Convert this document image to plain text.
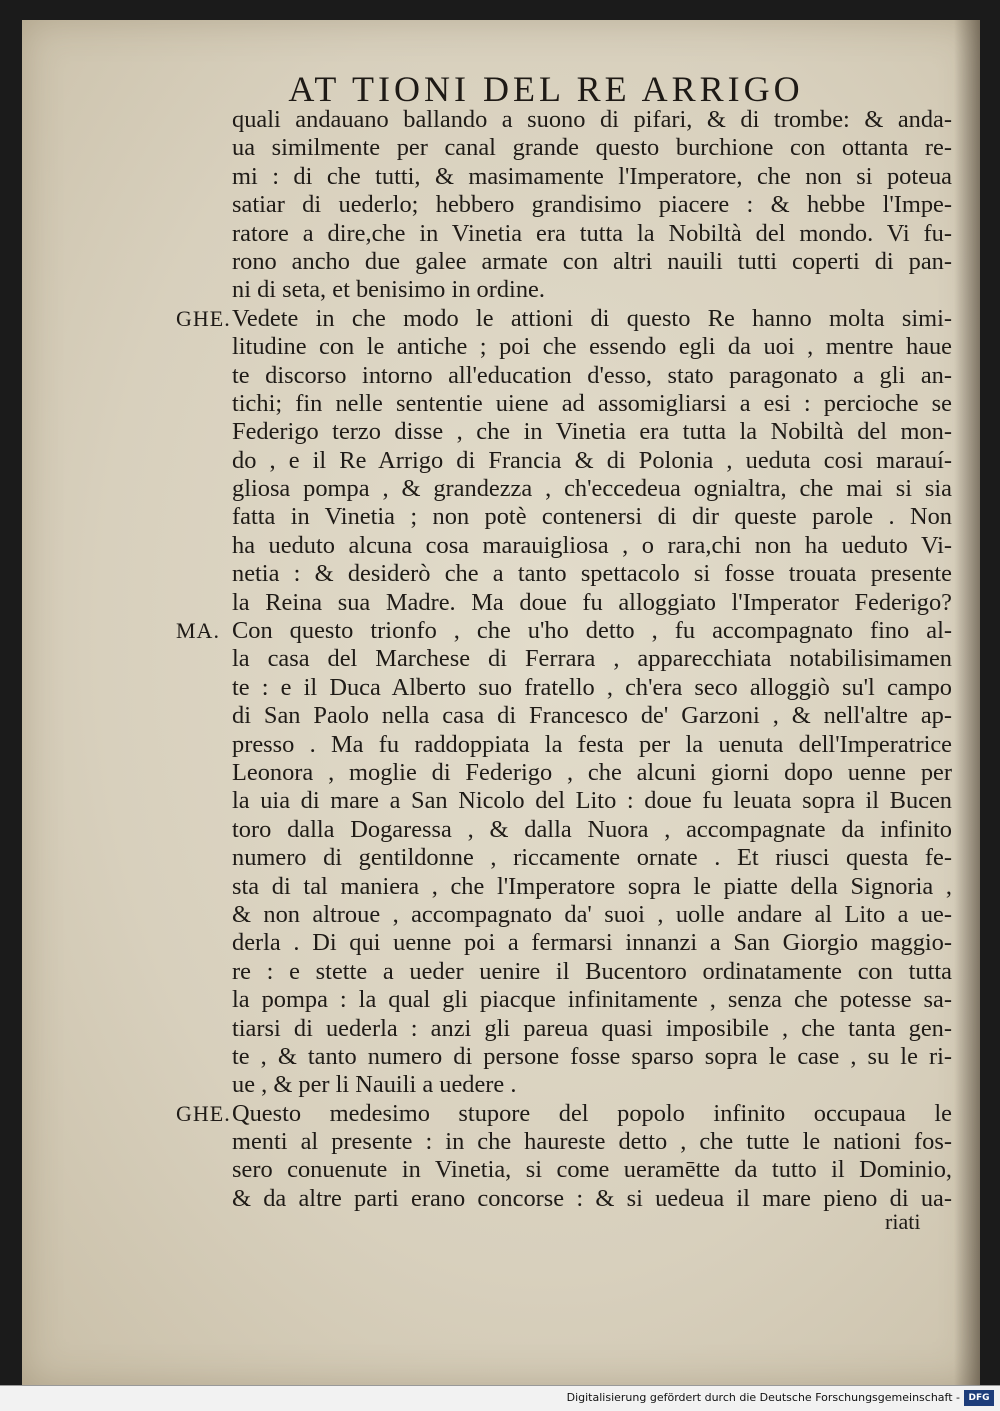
AT TIONI DEL RE ARRIGO
quali andauano ballando a suono di pifari, & di trombe: & anda-
ua similmente per canal grande questo burchione con ottanta re-
mi : di che tutti, & masimamente l'Imperatore, che non si poteua
satiar di uederlo; hebbero grandisimo piacere : & hebbe l'Impe-
ratore a dire,che in Vinetia era tutta la Nobiltà del mondo. Vi fu-
rono ancho due galee armate con altri nauili tutti coperti di pan-
ni di seta, et benisimo in ordine.
GHE. Vedete in che modo le attioni di questo Re hanno molta simi-
litudine con le antiche ; poi che essendo egli da uoi , mentre haue
te discorso intorno all'education d'esso, stato paragonato a gli an-
tichi; fin nelle sententie uiene ad assomigliarsi a esi : percioche se
Federigo terzo disse , che in Vinetia era tutta la Nobiltà del mon-
do , e il Re Arrigo di Francia & di Polonia , ueduta cosi marauí-
gliosa pompa , & grandezza , ch'eccedeua ognialtra, che mai si sia
fatta in Vinetia ; non potè contenersi di dir queste parole . Non
ha ueduto alcuna cosa marauigliosa , o rara,chi non ha ueduto Vi-
netia : & desiderò che a tanto spettacolo si fosse trouata presente
la Reina sua Madre. Ma doue fu alloggiato l'Imperator Federigo?
MA. Con questo trionfo , che u'ho detto , fu accompagnato fino al-
la casa del Marchese di Ferrara , apparecchiata notabilisimamen
te : e il Duca Alberto suo fratello , ch'era seco alloggiò su'l campo
di San Paolo nella casa di Francesco de' Garzoni , & nell'altre ap-
presso . Ma fu raddoppiata la festa per la uenuta dell'Imperatrice
Leonora , moglie di Federigo , che alcuni giorni dopo uenne per
la uia di mare a San Nicolo del Lito : doue fu leuata sopra il Bucen
toro dalla Dogaressa , & dalla Nuora , accompagnate da infinito
numero di gentildonne , riccamente ornate . Et riusci questa fe-
sta di tal maniera , che l'Imperatore sopra le piatte della Signoria ,
& non altroue , accompagnato da' suoi , uolle andare al Lito a ue-
derla . Di qui uenne poi a fermarsi innanzi a San Giorgio maggio-
re : e stette a ueder uenire il Bucentoro ordinatamente con tutta
la pompa : la qual gli piacque infinitamente , senza che potesse sa-
tiarsi di uederla : anzi gli pareua quasi imposibile , che tanta gen-
te , & tanto numero di persone fosse sparso sopra le case , su le ri-
ue , & per li Nauili a uedere .
GHE. Questo medesimo stupore del popolo infinito occupaua le
menti al presente : in che haureste detto , che tutte le nationi fos-
sero conuenute in Vinetia, si come ueramētte da tutto il Dominio,
& da altre parti erano concorse : & si uedeua il mare pieno di ua-
riati
Digitalisierung gefördert durch die Deutsche Forschungsgemeinschaft - DFG
